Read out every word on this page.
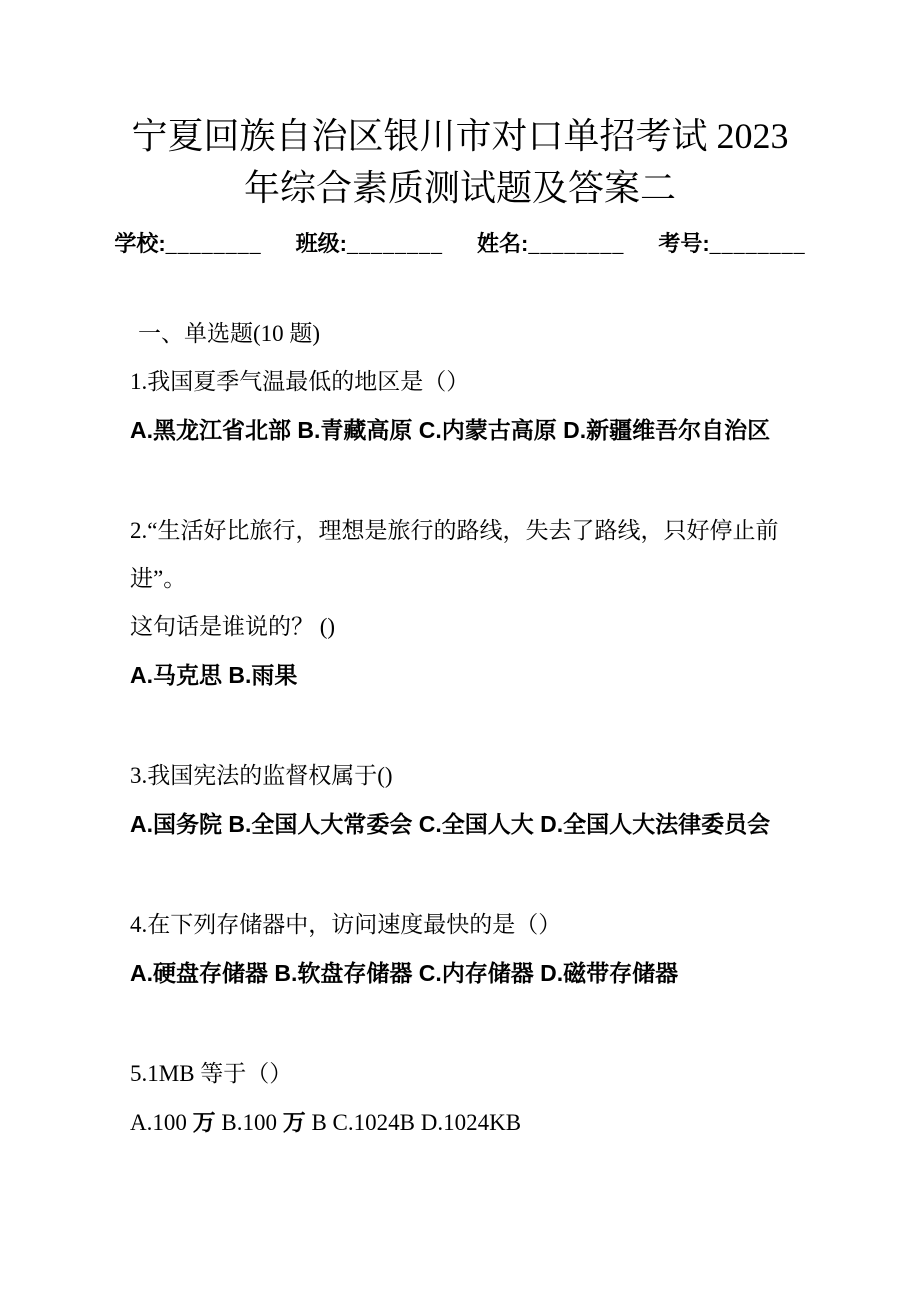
宁夏回族自治区银川市对口单招考试 2023
年综合素质测试题及答案二
学校:________ 班级:________ 姓名:________ 考号:________
一、单选题(10 题)

1.我国夏季气温最低的地区是（）

A.黑龙江省北部 B.青藏高原 C.内蒙古高原 D.新疆维吾尔自治区

2.“生活好比旅行，理想是旅行的路线，失去了路线，只好停止前进”。

这句话是谁说的？ ()

A.马克思 B.雨果

3.我国宪法的监督权属于()

A.国务院 B.全国人大常委会 C.全国人大 D.全国人大法律委员会

4.在下列存储器中，访问速度最快的是（）

A.硬盘存储器 B.软盘存储器 C.内存储器 D.磁带存储器

5.1MB 等于（）

A.100 万 B.100 万 B C.1024B D.1024KB
